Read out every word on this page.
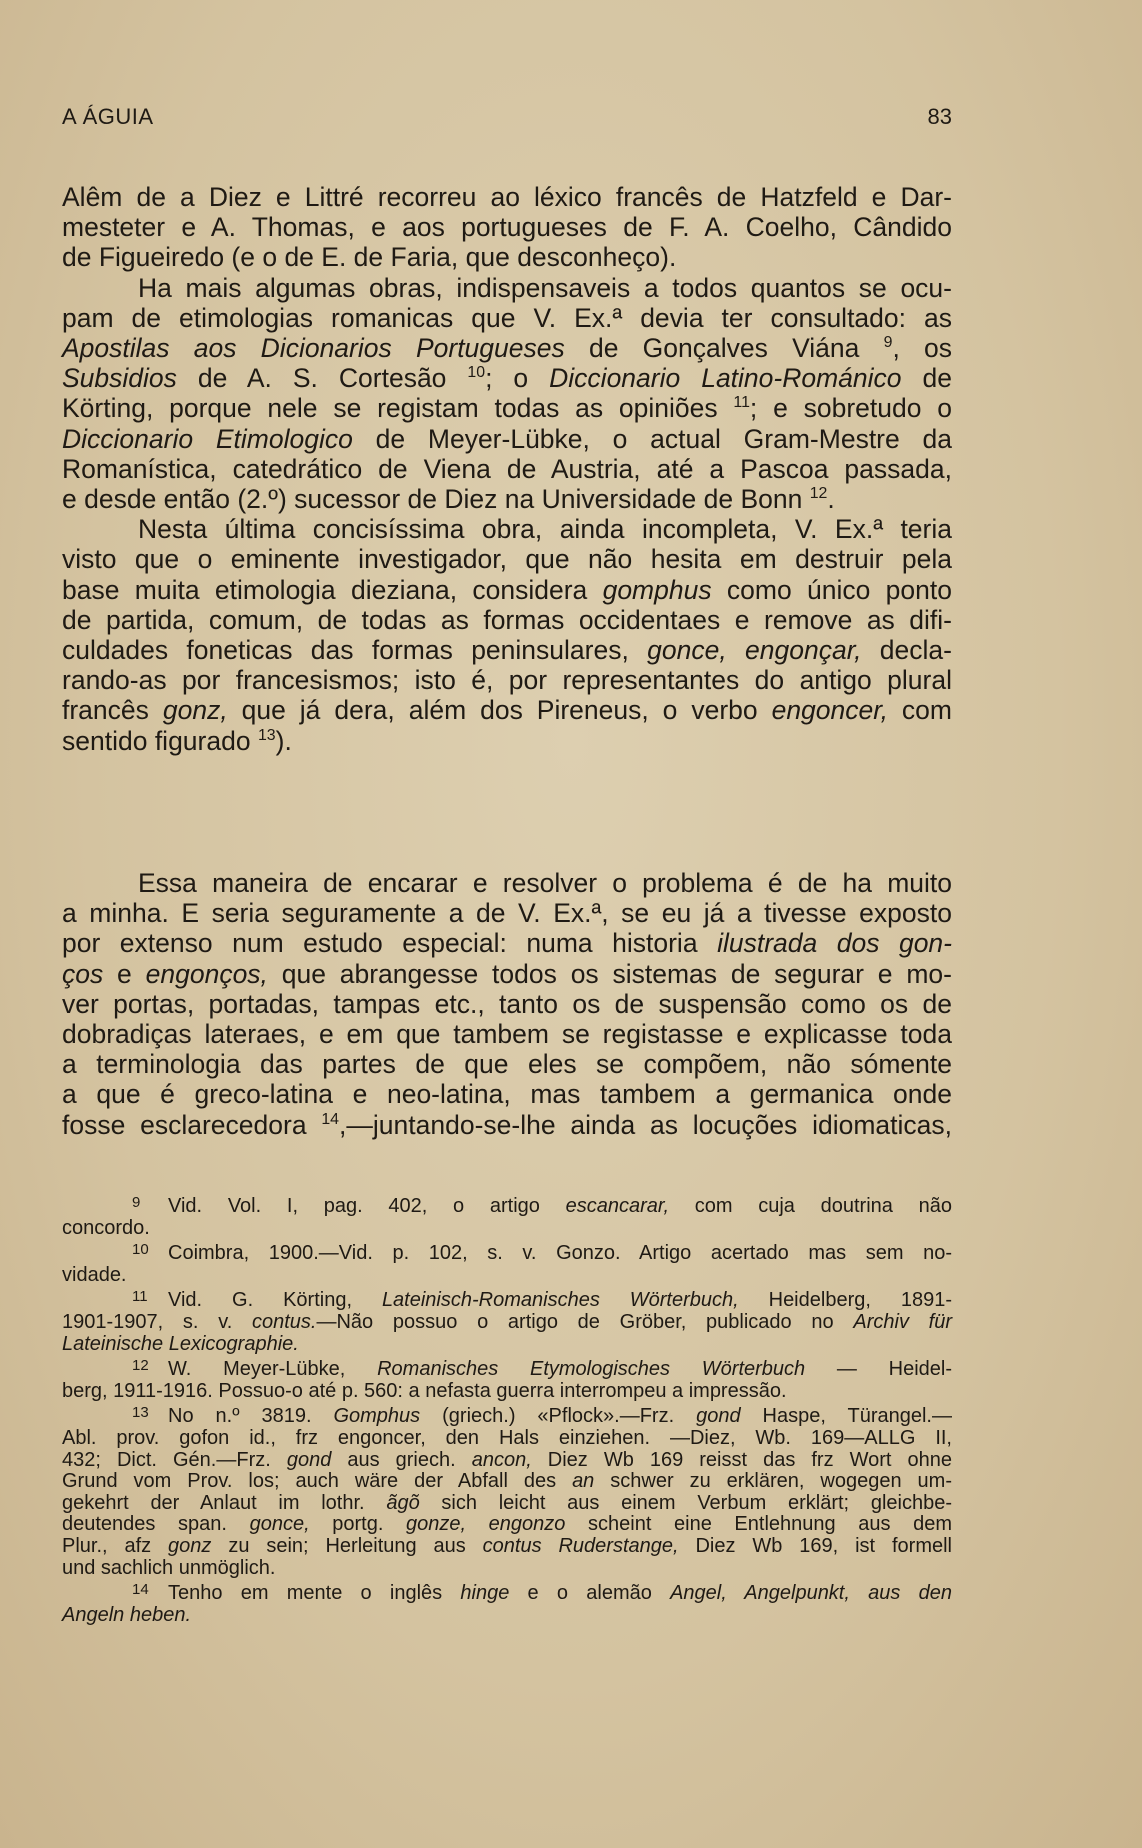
A ÁGUIA	83

Alêm de a Diez e Littré recorreu ao léxico francês de Hatzfeld e Dar-
mesteter e A. Thomas, e aos portugueses de F. A. Coelho, Cândido
de Figueiredo (e o de E. de Faria, que desconheço).

Ha mais algumas obras, indispensaveis a todos quantos se ocu-
pam de etimologias romanicas que V. Ex.ª devia ter consultado: as
Apostilas aos Dicionarios Portugueses de Gonçalves Viána $^9$, os
Subsidios de A. S. Cortesão $^{10}$; o Diccionario Latino-Románico de
Körting, porque nele se registam todas as opiniões $^{11}$; e sobretudo o
Diccionario Etimologico de Meyer-Lübke, o actual Gram-Mestre da
Romanística, catedrático de Viena de Austria, até a Pascoa passada,
e desde então (2.º) sucessor de Diez na Universidade de Bonn $^{12}$.

Nesta última concisíssima obra, ainda incompleta, V. Ex.ª teria
visto que o eminente investigador, que não hesita em destruir pela
base muita etimologia dieziana, considera gomphus como único ponto
de partida, comum, de todas as formas occidentaes e remove as difi-
culdades foneticas das formas peninsulares, gonce, engonçar, decla-
rando-as por francesismos; isto é, por representantes do antigo plural
francês gonz, que já dera, além dos Pireneus, o verbo engoncer, com
sentido figurado $^{13}$).

Essa maneira de encarar e resolver o problema é de ha muito
a minha. E seria seguramente a de V. Ex.ª, se eu já a tivesse exposto
por extenso num estudo especial: numa historia ilustrada dos gon-
ços e engonços, que abrangesse todos os sistemas de segurar e mo-
ver portas, portadas, tampas etc., tanto os de suspensão como os de
dobradiças lateraes, e em que tambem se registasse e explicasse toda
a terminologia das partes de que eles se compõem, não sómente
a que é greco-latina e neo-latina, mas tambem a germanica onde
fosse esclarecedora $^{14}$,—juntando-se-lhe ainda as locuções idiomaticas,

9 Vid. Vol. I, pag. 402, o artigo escancarar, com cuja doutrina não
concordo.
10 Coimbra, 1900.—Vid. p. 102, s. v. Gonzo. Artigo acertado mas sem no-
vidade.
11 Vid. G. Körting, Lateinisch-Romanisches Wörterbuch, Heidelberg, 1891-
1901-1907, s. v. contus.—Não possuo o artigo de Gröber, publicado no Archiv für
Lateinische Lexicographie.
12 W. Meyer-Lübke, Romanisches Etymologisches Wörterbuch — Heidel-
berg, 1911-1916. Possuo-o até p. 560: a nefasta guerra interrompeu a impressão.
13 No n.º 3819. Gomphus (griech.) «Pflock».—Frz. gond Haspe, Türangel.—
Abl. prov. gofon id., frz engoncer, den Hals einziehen. —Diez, Wb. 169—ALLG II,
432; Dict. Gén.—Frz. gond aus griech. ancon, Diez Wb 169 reisst das frz Wort ohne
Grund vom Prov. los; auch wäre der Abfall des an schwer zu erklären, wogegen um-
gekehrt der Anlaut im lothr. ãgõ sich leicht aus einem Verbum erklärt; gleichbe-
deutendes span. gonce, portg. gonze, engonzo scheint eine Entlehnung aus dem
Plur., afz gonz zu sein; Herleitung aus contus Ruderstange, Diez Wb 169, ist formell
und sachlich unmöglich.
14 Tenho em mente o inglês hinge e o alemão Angel, Angelpunkt, aus den
Angeln heben.
